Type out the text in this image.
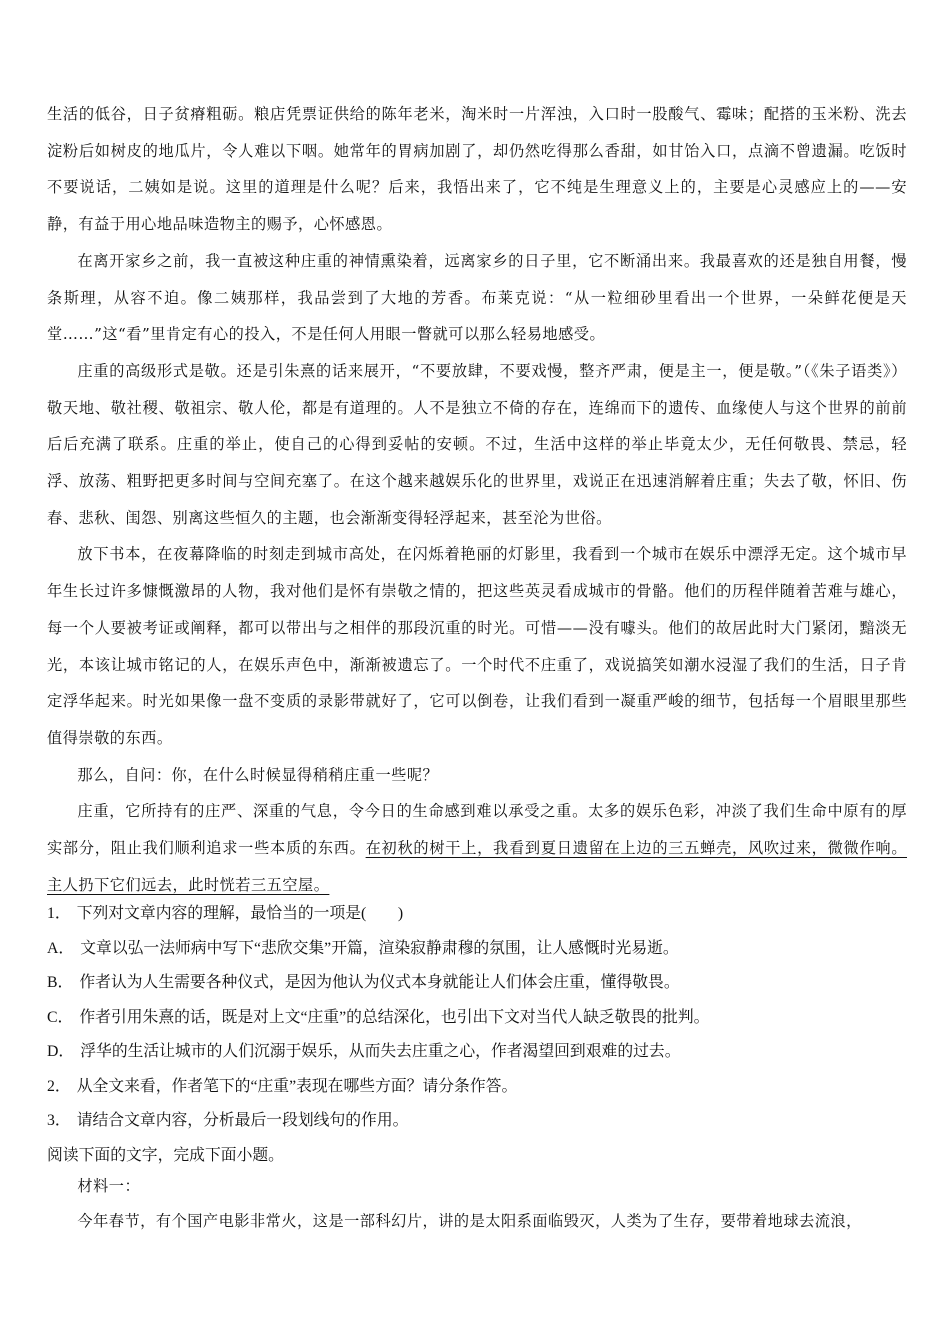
生活的低谷，日子贫瘠粗砺。粮店凭票证供给的陈年老米，淘米时一片浑浊，入口时一股酸气、霉味；配搭的玉米粉、洗去淀粉后如树皮的地瓜片，令人难以下咽。她常年的胃病加剧了，却仍然吃得那么香甜，如甘饴入口，点滴不曾遗漏。吃饭时不要说话，二姨如是说。这里的道理是什么呢？后来，我悟出来了，它不纯是生理意义上的，主要是心灵感应上的——安静，有益于用心地品味造物主的赐予，心怀感恩。

在离开家乡之前，我一直被这种庄重的神情熏染着，远离家乡的日子里，它不断涌出来。我最喜欢的还是独自用餐，慢条斯理，从容不迫。像二姨那样，我品尝到了大地的芳香。布莱克说：“从一粒细砂里看出一个世界，一朵鲜花便是天堂……”这“看”里肯定有心的投入，不是任何人用眼一瞥就可以那么轻易地感受。

庄重的高级形式是敬。还是引朱熹的话来展开，“不要放肆，不要戏慢，整齐严肃，便是主一，便是敬。”（《朱子语类》）敬天地、敬社稷、敬祖宗、敬人伦，都是有道理的。人不是独立不倚的存在，连绵而下的遗传、血缘使人与这个世界的前前后后充满了联系。庄重的举止，使自己的心得到妥帖的安顿。不过，生活中这样的举止毕竟太少，无任何敬畏、禁忌，轻浮、放荡、粗野把更多时间与空间充塞了。在这个越来越娱乐化的世界里，戏说正在迅速消解着庄重；失去了敬，怀旧、伤春、悲秋、闺怨、别离这些恒久的主题，也会渐渐变得轻浮起来，甚至沦为世俗。

放下书本，在夜幕降临的时刻走到城市高处，在闪烁着艳丽的灯影里，我看到一个城市在娱乐中漂浮无定。这个城市早年生长过许多慷慨激昂的人物，我对他们是怀有崇敬之情的，把这些英灵看成城市的骨骼。他们的历程伴随着苦难与雄心，每一个人要被考证或阐释，都可以带出与之相伴的那段沉重的时光。可惜——没有噱头。他们的故居此时大门紧闭，黯淡无光，本该让城市铭记的人，在娱乐声色中，渐渐被遗忘了。一个时代不庄重了，戏说搞笑如潮水浸湿了我们的生活，日子肯定浮华起来。时光如果像一盘不变质的录影带就好了，它可以倒卷，让我们看到一凝重严峻的细节，包括每一个眉眼里那些值得崇敬的东西。

那么，自问：你，在什么时候显得稍稍庄重一些呢？

庄重，它所持有的庄严、深重的气息，令今日的生命感到难以承受之重。太多的娱乐色彩，冲淡了我们生命中原有的厚实部分，阻止我们顺利追求一些本质的东西。在初秋的树干上，我看到夏日遗留在上边的三五蝉壳，风吹过来，微微作响。主人扔下它们远去，此时恍若三五空屋。

1． 下列对文章内容的理解，最恰当的一项是(　　)
A． 文章以弘一法师病中写下“悲欣交集”开篇，渲染寂静肃穆的氛围，让人感慨时光易逝。
B． 作者认为人生需要各种仪式，是因为他认为仪式本身就能让人们体会庄重，懂得敬畏。
C． 作者引用朱熹的话，既是对上文“庄重”的总结深化，也引出下文对当代人缺乏敬畏的批判。
D． 浮华的生活让城市的人们沉溺于娱乐，从而失去庄重之心，作者渴望回到艰难的过去。
2． 从全文来看，作者笔下的“庄重”表现在哪些方面？请分条作答。
3． 请结合文章内容，分析最后一段划线句的作用。
阅读下面的文字，完成下面小题。

材料一：

今年春节，有个国产电影非常火，这是一部科幻片，讲的是太阳系面临毁灭，人类为了生存，要带着地球去流浪，
